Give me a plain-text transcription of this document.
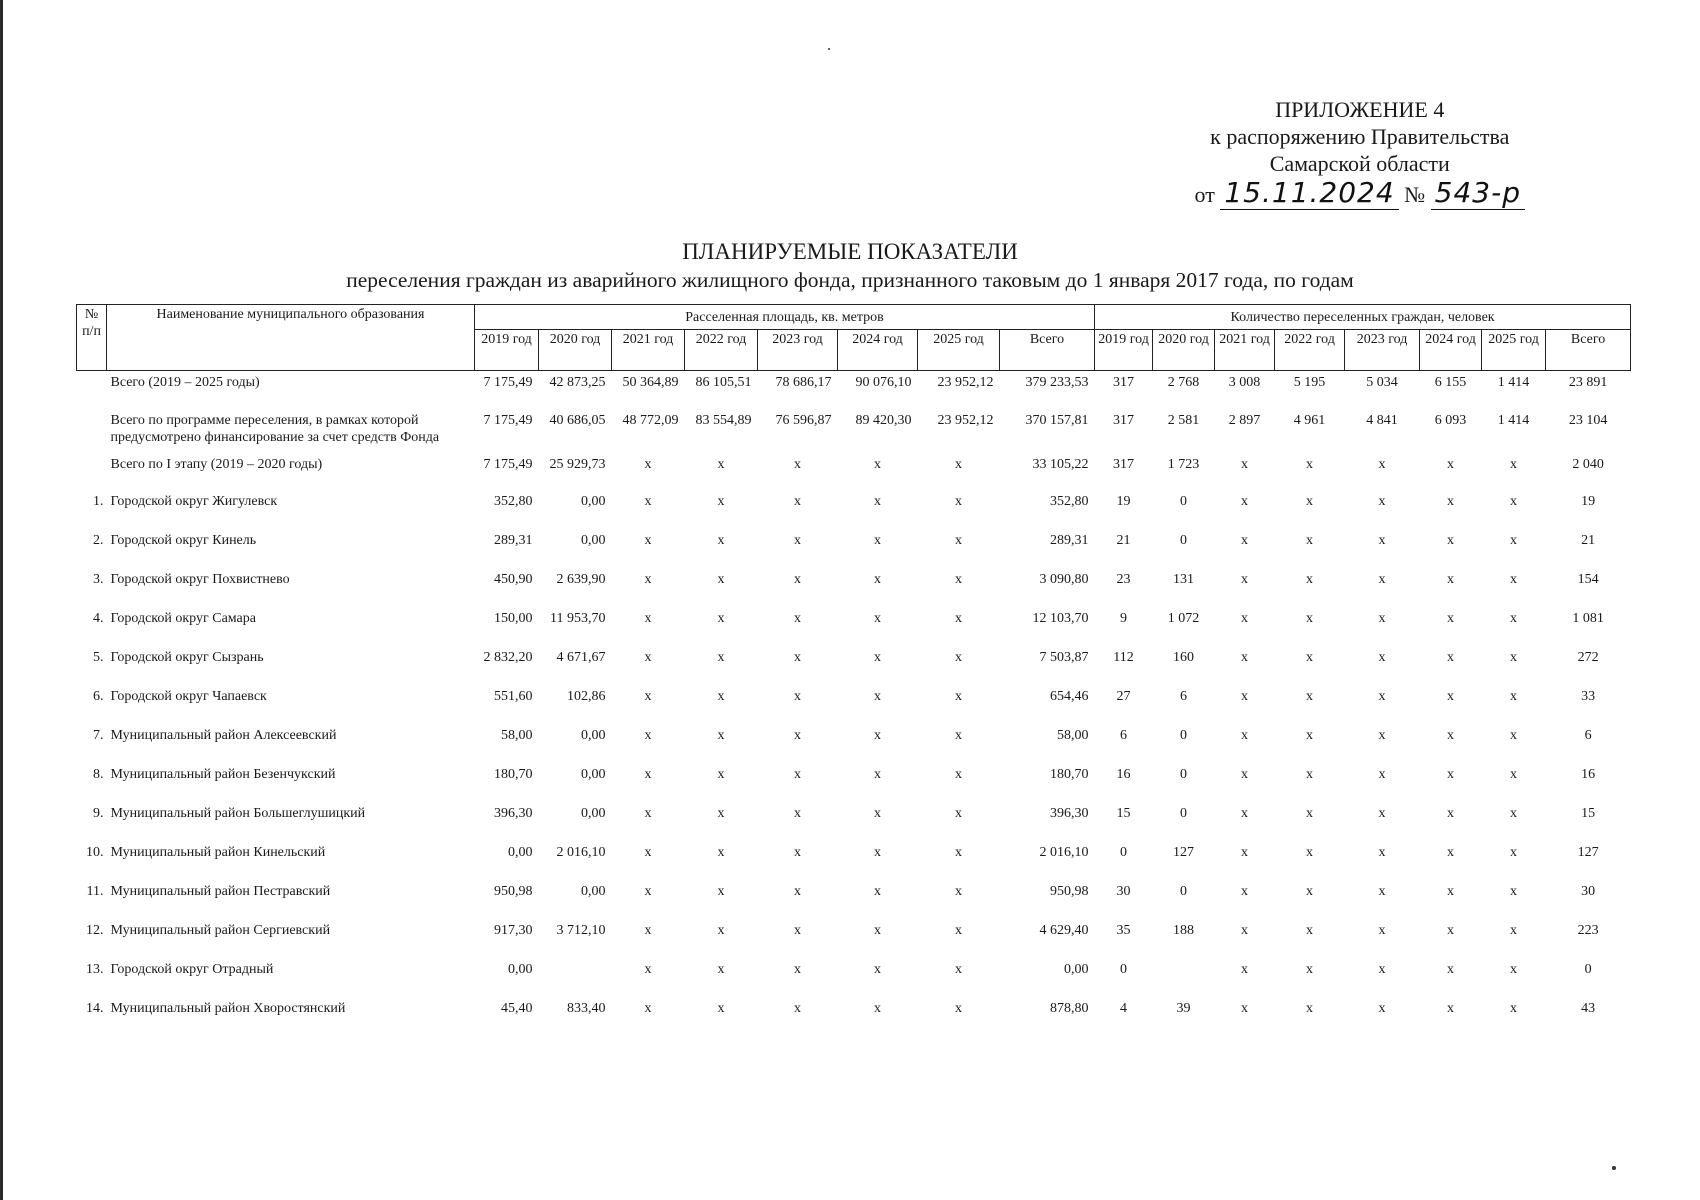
ПРИЛОЖЕНИЕ 4
к распоряжению Правительства
Самарской области
от 15.11.2024 № 543-р
ПЛАНИРУЕМЫЕ ПОКАЗАТЕЛИ
переселения граждан из аварийного жилищного фонда, признанного таковым до 1 января 2017 года, по годам
№ п/п	Наименование муниципального образования	Расселенная площадь, кв. метров								Количество переселенных граждан, человек							
		2019 год	2020 год	2021 год	2022 год	2023 год	2024 год	2025 год	Всего	2019 год	2020 год	2021 год	2022 год	2023 год	2024 год	2025 год	Всего
	Всего (2019 – 2025 годы)	7 175,49	42 873,25	50 364,89	86 105,51	78 686,17	90 076,10	23 952,12	379 233,53	317	2 768	3 008	5 195	5 034	6 155	1 414	23 891
	Всего по программе переселения, в рамках которой предусмотрено финансирование за счет средств Фонда	7 175,49	40 686,05	48 772,09	83 554,89	76 596,87	89 420,30	23 952,12	370 157,81	317	2 581	2 897	4 961	4 841	6 093	1 414	23 104
	Всего по I этапу (2019 – 2020 годы)	7 175,49	25 929,73	x	x	x	x	x	33 105,22	317	1 723	x	x	x	x	x	2 040
1.	Городской округ Жигулевск	352,80	0,00	x	x	x	x	x	352,80	19	0	x	x	x	x	x	19
2.	Городской округ Кинель	289,31	0,00	x	x	x	x	x	289,31	21	0	x	x	x	x	x	21
3.	Городской округ Похвистнево	450,90	2 639,90	x	x	x	x	x	3 090,80	23	131	x	x	x	x	x	154
4.	Городской округ Самара	150,00	11 953,70	x	x	x	x	x	12 103,70	9	1 072	x	x	x	x	x	1 081
5.	Городской округ Сызрань	2 832,20	4 671,67	x	x	x	x	x	7 503,87	112	160	x	x	x	x	x	272
6.	Городской округ Чапаевск	551,60	102,86	x	x	x	x	x	654,46	27	6	x	x	x	x	x	33
7.	Муниципальный район Алексеевский	58,00	0,00	x	x	x	x	x	58,00	6	0	x	x	x	x	x	6
8.	Муниципальный район Безенчукский	180,70	0,00	x	x	x	x	x	180,70	16	0	x	x	x	x	x	16
9.	Муниципальный район Большеглушицкий	396,30	0,00	x	x	x	x	x	396,30	15	0	x	x	x	x	x	15
10.	Муниципальный район Кинельский	0,00	2 016,10	x	x	x	x	x	2 016,10	0	127	x	x	x	x	x	127
11.	Муниципальный район Пестравский	950,98	0,00	x	x	x	x	x	950,98	30	0	x	x	x	x	x	30
12.	Муниципальный район Сергиевский	917,30	3 712,10	x	x	x	x	x	4 629,40	35	188	x	x	x	x	x	223
13.	Городской округ Отрадный	0,00		x	x	x	x	x	0,00	0		x	x	x	x	x	0
14.	Муниципальный район Хворостянский	45,40	833,40	x	x	x	x	x	878,80	4	39	x	x	x	x	x	43
